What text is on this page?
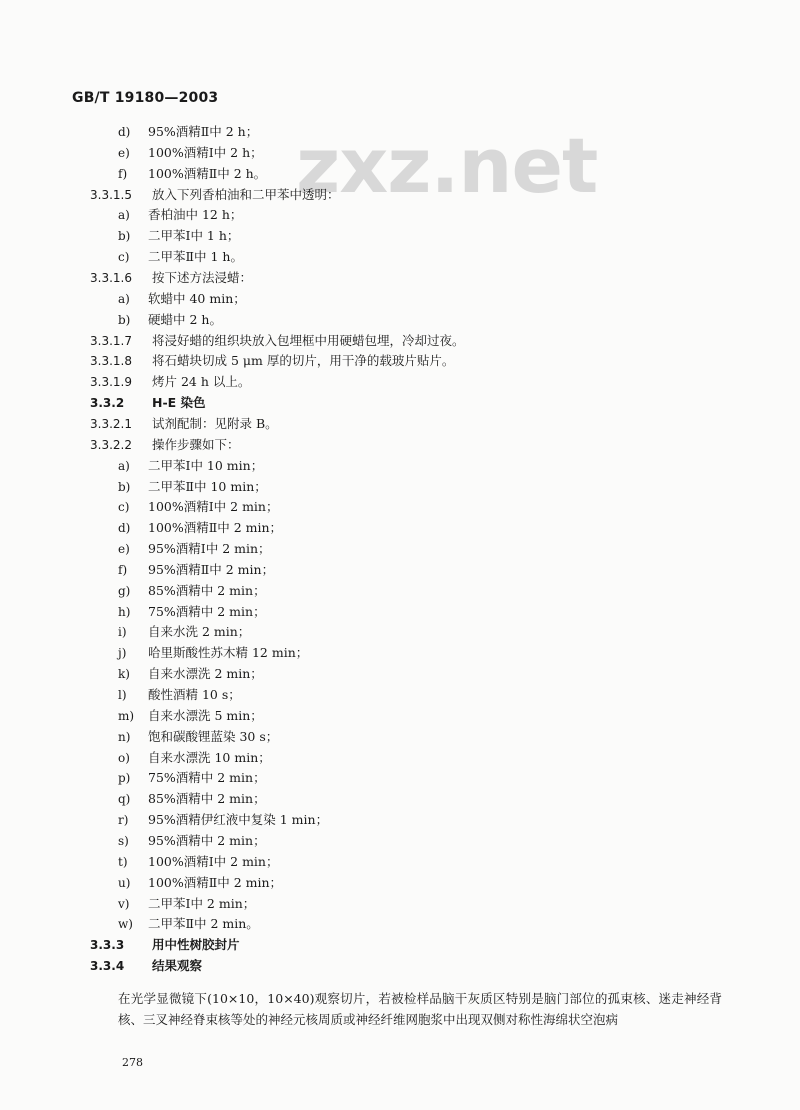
GB/T 19180—2003
zxz.net
d) 95%酒精Ⅱ中 2 h；
e) 100%酒精Ⅰ中 2 h；
f) 100%酒精Ⅱ中 2 h。
3.3.1.5 放入下列香柏油和二甲苯中透明：
a) 香柏油中 12 h；
b) 二甲苯Ⅰ中 1 h；
c) 二甲苯Ⅱ中 1 h。
3.3.1.6 按下述方法浸蜡：
a) 软蜡中 40 min；
b) 硬蜡中 2 h。
3.3.1.7 将浸好蜡的组织块放入包埋框中用硬蜡包埋，冷却过夜。
3.3.1.8 将石蜡块切成 5 μm 厚的切片，用干净的载玻片贴片。
3.3.1.9 烤片 24 h 以上。
3.3.2 H-E 染色
3.3.2.1 试剂配制：见附录 B。
3.3.2.2 操作步骤如下：
a) 二甲苯Ⅰ中 10 min；
b) 二甲苯Ⅱ中 10 min；
c) 100%酒精Ⅰ中 2 min；
d) 100%酒精Ⅱ中 2 min；
e) 95%酒精Ⅰ中 2 min；
f) 95%酒精Ⅱ中 2 min；
g) 85%酒精中 2 min；
h) 75%酒精中 2 min；
i) 自来水洗 2 min；
j) 哈里斯酸性苏木精 12 min；
k) 自来水漂洗 2 min；
l) 酸性酒精 10 s；
m) 自来水漂洗 5 min；
n) 饱和碳酸锂蓝染 30 s；
o) 自来水漂洗 10 min；
p) 75%酒精中 2 min；
q) 85%酒精中 2 min；
r) 95%酒精伊红液中复染 1 min；
s) 95%酒精中 2 min；
t) 100%酒精Ⅰ中 2 min；
u) 100%酒精Ⅱ中 2 min；
v) 二甲苯Ⅰ中 2 min；
w) 二甲苯Ⅱ中 2 min。
3.3.3 用中性树胶封片
3.3.4 结果观察
在光学显微镜下(10×10，10×40)观察切片，若被检样品脑干灰质区特别是脑门部位的孤束核、迷走神经背核、三叉神经脊束核等处的神经元核周质或神经纤维网胞浆中出现双侧对称性海绵状空泡病
278
